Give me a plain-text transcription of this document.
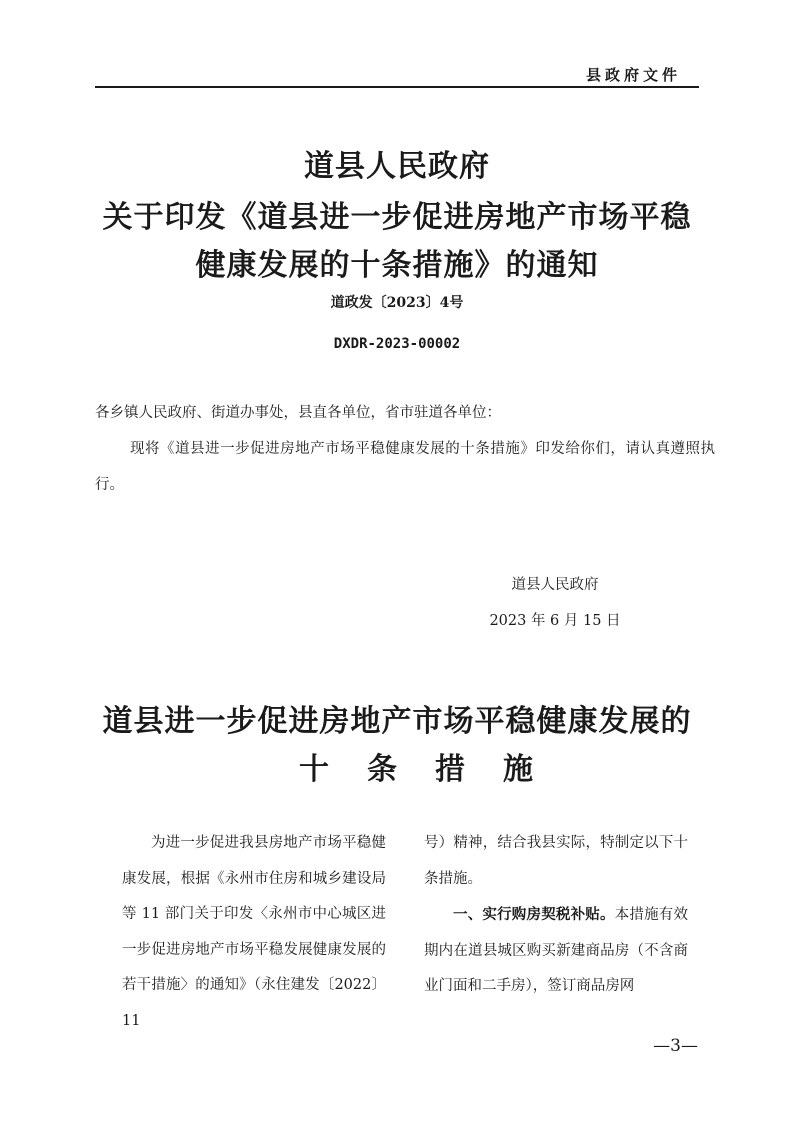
县政府文件
道县人民政府
关于印发《道县进一步促进房地产市场平稳
健康发展的十条措施》的通知
道政发〔2023〕4号
DXDR-2023-00002
各乡镇人民政府、街道办事处，县直各单位，省市驻道各单位：
现将《道县进一步促进房地产市场平稳健康发展的十条措施》印发给你们，请认真遵照执行。
道县人民政府
2023 年 6 月 15 日
道县进一步促进房地产市场平稳健康发展的
十条措施
为进一步促进我县房地产市场平稳健康发展，根据《永州市住房和城乡建设局等 11 部门关于印发〈永州市中心城区进一步促进房地产市场平稳发展健康发展的若干措施〉的通知》（永住建发〔2022〕11

号）精神，结合我县实际，特制定以下十条措施。

一、实行购房契税补贴。本措施有效期内在道县城区购买新建商品房（不含商业门面和二手房），签订商品房网

—3—
